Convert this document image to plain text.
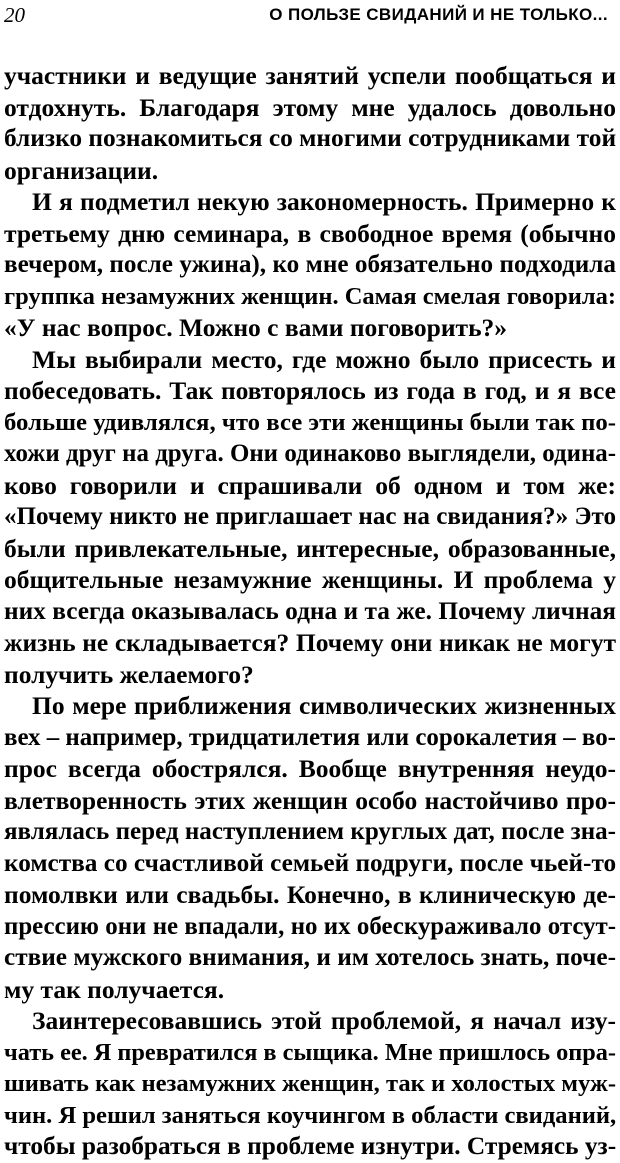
20	О ПОЛЬЗЕ СВИДАНИЙ И НЕ ТОЛЬКО...
участники и ведущие занятий успели пообщаться и
отдохнуть. Благодаря этому мне удалось довольно
близко познакомиться со многими сотрудниками той
организации.
И я подметил некую закономерность. Примерно к
третьему дню семинара, в свободное время (обычно
вечером, после ужина), ко мне обязательно подходила
группка незамужних женщин. Самая смелая говорила:
«У нас вопрос. Можно с вами поговорить?»
Мы выбирали место, где можно было присесть и
побеседовать. Так повторялось из года в год, и я все
больше удивлялся, что все эти женщины были так по-
хожи друг на друга. Они одинаково выглядели, одина-
ково говорили и спрашивали об одном и том же:
«Почему никто не приглашает нас на свидания?» Это
были привлекательные, интересные, образованные,
общительные незамужние женщины. И проблема у
них всегда оказывалась одна и та же. Почему личная
жизнь не складывается? Почему они никак не могут
получить желаемого?
По мере приближения символических жизненных
вех – например, тридцатилетия или сорокалетия – во-
прос всегда обострялся. Вообще внутренняя неудо-
влетворенность этих женщин особо настойчиво про-
являлась перед наступлением круглых дат, после зна-
комства со счастливой семьей подруги, после чьей-то
помолвки или свадьбы. Конечно, в клиническую де-
прессию они не впадали, но их обескураживало отсут-
ствие мужского внимания, и им хотелось знать, поче-
му так получается.
Заинтересовавшись этой проблемой, я начал изу-
чать ее. Я превратился в сыщика. Мне пришлось опра-
шивать как незамужних женщин, так и холостых муж-
чин. Я решил заняться коучингом в области свиданий,
чтобы разобраться в проблеме изнутри. Стремясь уз-
